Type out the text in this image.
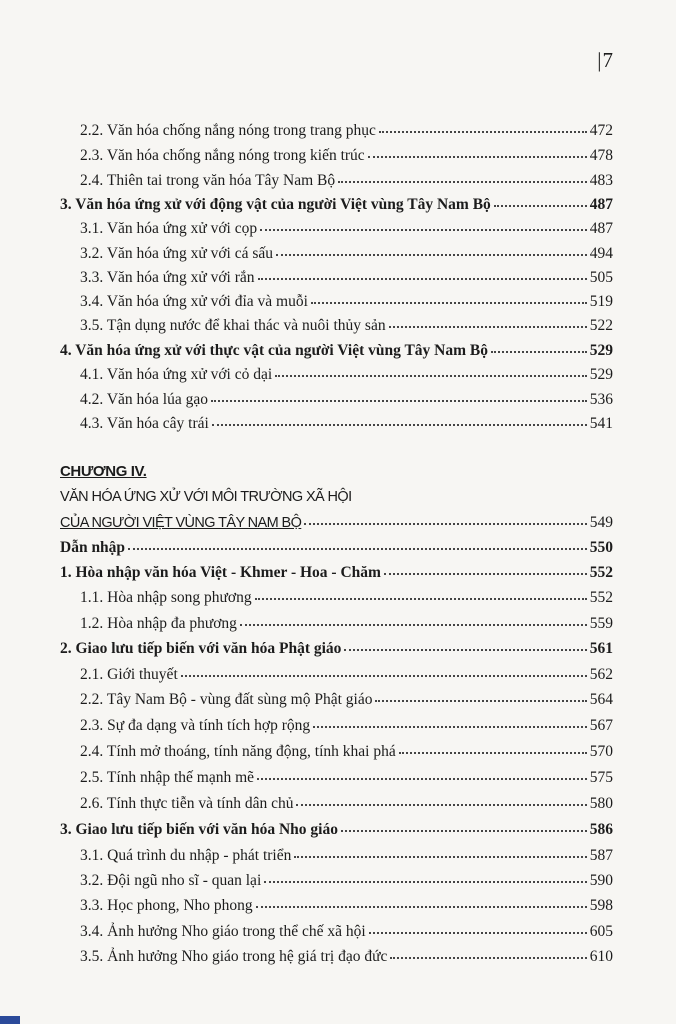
|7
2.2. Văn hóa chống nắng nóng trong trang phục	472
2.3. Văn hóa chống nắng nóng trong kiến trúc	478
2.4. Thiên tai trong văn hóa Tây Nam Bộ	483
3. Văn hóa ứng xử với động vật của người Việt vùng Tây Nam Bộ	487
3.1. Văn hóa ứng xử với cọp	487
3.2. Văn hóa ứng xử với cá sấu	494
3.3. Văn hóa ứng xử với rắn	505
3.4. Văn hóa ứng xử với đỉa và muỗi	519
3.5. Tận dụng nước để khai thác và nuôi thủy sản	522
4. Văn hóa ứng xử với thực vật của người Việt vùng Tây Nam Bộ	529
4.1. Văn hóa ứng xử với cỏ dại	529
4.2. Văn hóa lúa gạo	536
4.3. Văn hóa cây trái	541
CHƯƠNG IV.
VĂN HÓA ỨNG XỬ VỚI MÔI TRƯỜNG XÃ HỘI
CỦA NGƯỜI VIỆT VÙNG TÂY NAM BỘ	549
Dẫn nhập	550
1. Hòa nhập văn hóa Việt - Khmer - Hoa - Chăm	552
1.1. Hòa nhập song phương	552
1.2. Hòa nhập đa phương	559
2. Giao lưu tiếp biến với văn hóa Phật giáo	561
2.1. Giới thuyết	562
2.2. Tây Nam Bộ - vùng đất sùng mộ Phật giáo	564
2.3. Sự đa dạng và tính tích hợp rộng	567
2.4. Tính mở thoáng, tính năng động, tính khai phá	570
2.5. Tính nhập thế mạnh mẽ	575
2.6. Tính thực tiễn và tính dân chủ	580
3. Giao lưu tiếp biến với văn hóa Nho giáo	586
3.1. Quá trình du nhập - phát triển	587
3.2. Đội ngũ nho sĩ - quan lại	590
3.3. Học phong, Nho phong	598
3.4. Ảnh hưởng Nho giáo trong thể chế xã hội	605
3.5. Ảnh hưởng Nho giáo trong hệ giá trị đạo đức	610
